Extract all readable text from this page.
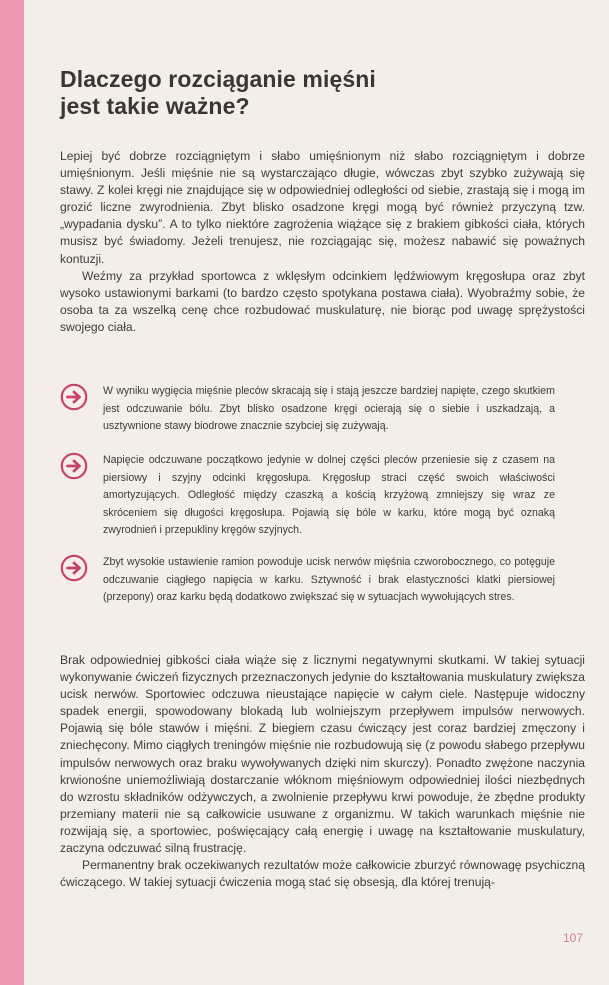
Dlaczego rozciąganie mięśni
jest takie ważne?

Lepiej być dobrze rozciągniętym i słabo umięśnionym niż słabo rozciągniętym i dobrze umięśnionym. Jeśli mięśnie nie są wystarczająco długie, wówczas zbyt szybko zużywają się stawy. Z kolei kręgi nie znajdujące się w odpowiedniej odległości od siebie, zrastają się i mogą im grozić liczne zwyrodnienia. Zbyt blisko osadzone kręgi mogą być również przyczyną tzw. „wypadania dysku”. A to tylko niektóre zagrożenia wiążące się z brakiem gibkości ciała, których musisz być świadomy. Jeżeli trenujesz, nie rozciągając się, możesz nabawić się poważnych kontuzji.

Weźmy za przykład sportowca z wklęsłym odcinkiem lędźwiowym kręgosłupa oraz zbyt wysoko ustawionymi barkami (to bardzo często spotykana postawa ciała). Wyobraźmy sobie, że osoba ta za wszelką cenę chce rozbudować muskulaturę, nie biorąc pod uwagę sprężystości swojego ciała.

W wyniku wygięcia mięśnie pleców skracają się i stają jeszcze bardziej napięte, czego skutkiem jest odczuwanie bólu. Zbyt blisko osadzone kręgi ocierają się o siebie i uszkadzają, a usztywnione stawy biodrowe znacznie szybciej się zużywają.

Napięcie odczuwane początkowo jedynie w dolnej części pleców przeniesie się z czasem na piersiowy i szyjny odcinki kręgosłupa. Kręgosłup straci część swoich właściwości amortyzujących. Odległość między czaszką a kością krzyżową zmniejszy się wraz ze skróceniem się długości kręgosłupa. Pojawią się bóle w karku, które mogą być oznaką zwyrodnień i przepukliny kręgów szyjnych.

Zbyt wysokie ustawienie ramion powoduje ucisk nerwów mięśnia czworobocznego, co potęguje odczuwanie ciągłego napięcia w karku. Sztywność i brak elastyczności klatki piersiowej (przepony) oraz karku będą dodatkowo zwiększać się w sytuacjach wywołujących stres.

Brak odpowiedniej gibkości ciała wiąże się z licznymi negatywnymi skutkami. W takiej sytuacji wykonywanie ćwiczeń fizycznych przeznaczonych jedynie do kształtowania muskulatury zwiększa ucisk nerwów. Sportowiec odczuwa nieustające napięcie w całym ciele. Następuje widoczny spadek energii, spowodowany blokadą lub wolniejszym przepływem impulsów nerwowych. Pojawią się bóle stawów i mięśni. Z biegiem czasu ćwiczący jest coraz bardziej zmęczony i zniechęcony. Mimo ciągłych treningów mięśnie nie rozbudowują się (z powodu słabego przepływu impulsów nerwowych oraz braku wywoływanych dzięki nim skurczy). Ponadto zwężone naczynia krwionośne uniemożliwiają dostarczanie włóknom mięśniowym odpowiedniej ilości niezbędnych do wzrostu składników odżywczych, a zwolnienie przepływu krwi powoduje, że zbędne produkty przemiany materii nie są całkowicie usuwane z organizmu. W takich warunkach mięśnie nie rozwijają się, a sportowiec, poświęcający całą energię i uwagę na kształtowanie muskulatury, zaczyna odczuwać silną frustrację.

Permanentny brak oczekiwanych rezultatów może całkowicie zburzyć równowagę psychiczną ćwiczącego. W takiej sytuacji ćwiczenia mogą stać się obsesją, dla której trenują-

107
